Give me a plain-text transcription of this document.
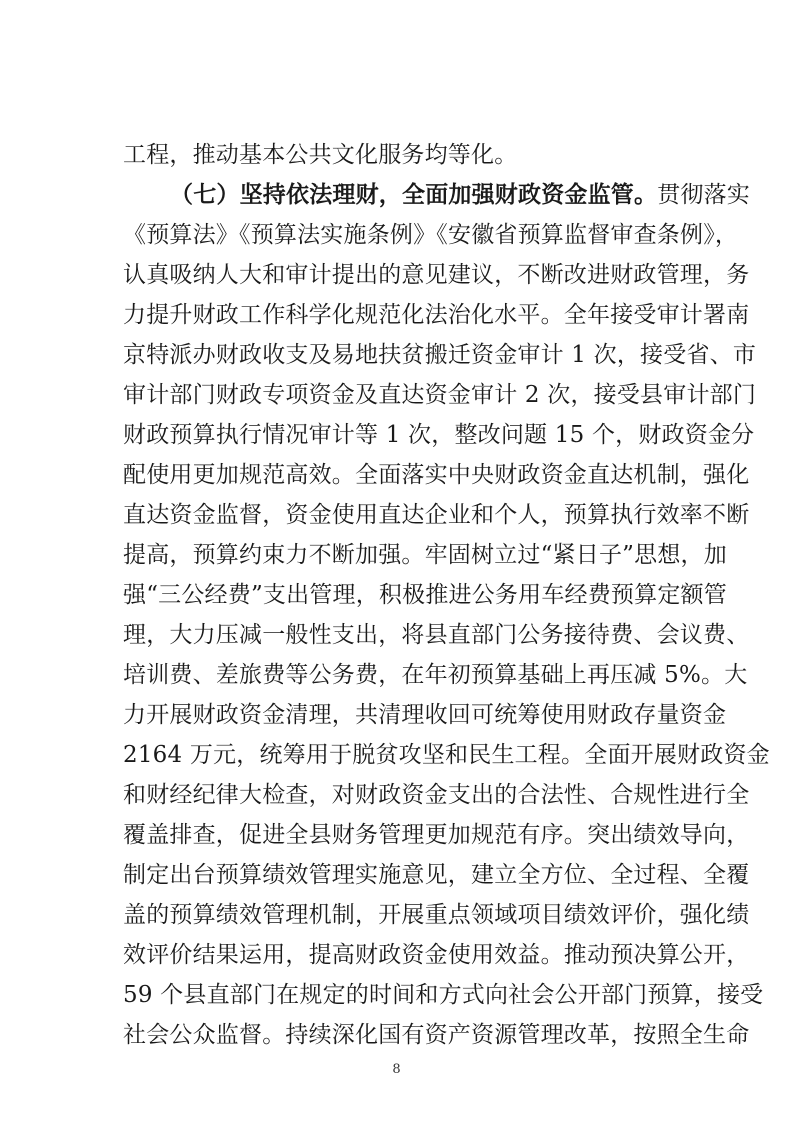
工程，推动基本公共文化服务均等化。
（七）坚持依法理财，全面加强财政资金监管。贯彻落实
《预算法》《预算法实施条例》《安徽省预算监督审查条例》，
认真吸纳人大和审计提出的意见建议，不断改进财政管理，务
力提升财政工作科学化规范化法治化水平。全年接受审计署南
京特派办财政收支及易地扶贫搬迁资金审计 1 次，接受省、市
审计部门财政专项资金及直达资金审计 2 次，接受县审计部门
财政预算执行情况审计等 1 次，整改问题 15 个，财政资金分
配使用更加规范高效。全面落实中央财政资金直达机制，强化
直达资金监督，资金使用直达企业和个人，预算执行效率不断
提高，预算约束力不断加强。牢固树立过“紧日子”思想，加
强“三公经费”支出管理，积极推进公务用车经费预算定额管
理，大力压减一般性支出，将县直部门公务接待费、会议费、
培训费、差旅费等公务费，在年初预算基础上再压减 5%。大
力开展财政资金清理，共清理收回可统筹使用财政存量资金
2164 万元，统筹用于脱贫攻坚和民生工程。全面开展财政资金
和财经纪律大检查，对财政资金支出的合法性、合规性进行全
覆盖排查，促进全县财务管理更加规范有序。突出绩效导向，
制定出台预算绩效管理实施意见，建立全方位、全过程、全覆
盖的预算绩效管理机制，开展重点领域项目绩效评价，强化绩
效评价结果运用，提高财政资金使用效益。推动预决算公开，
59 个县直部门在规定的时间和方式向社会公开部门预算，接受
社会公众监督。持续深化国有资产资源管理改革，按照全生命
8
